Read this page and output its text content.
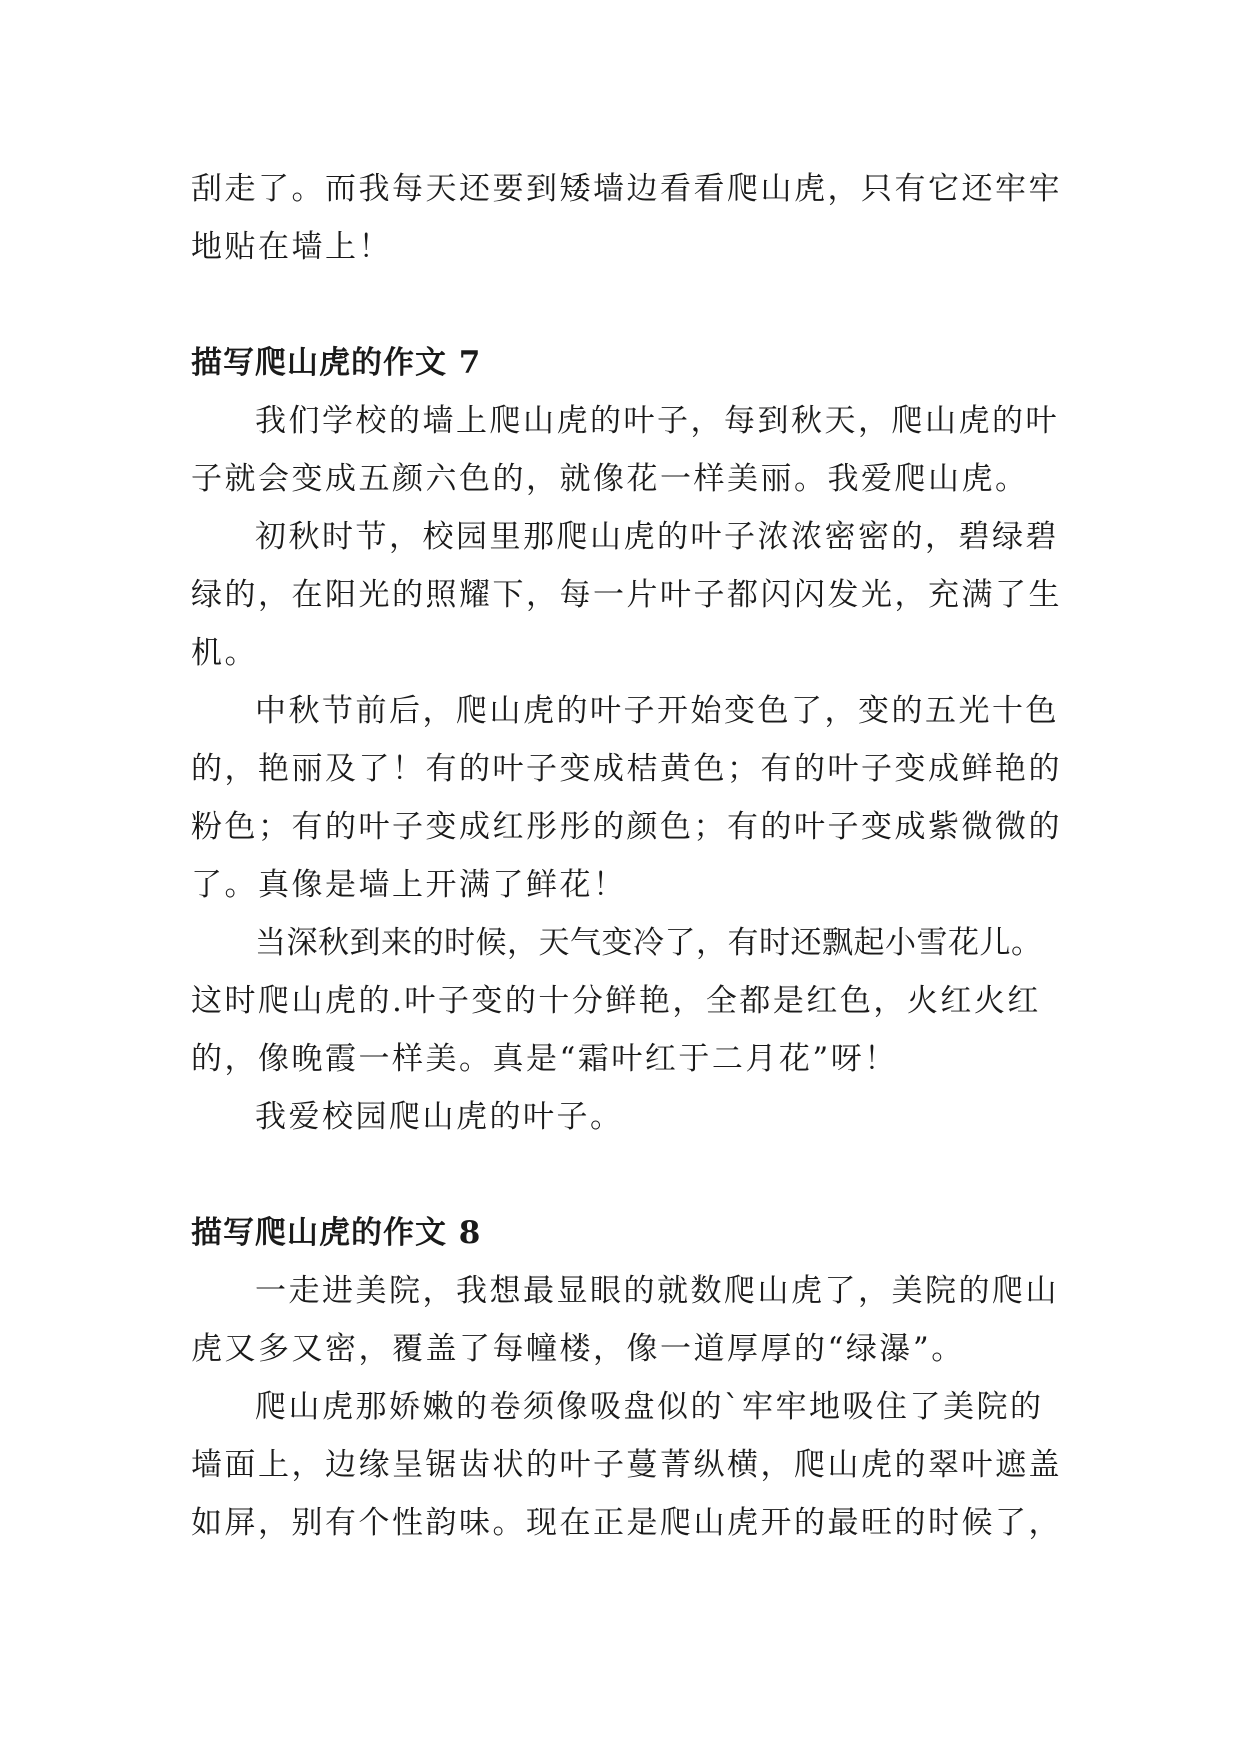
刮走了。而我每天还要到矮墙边看看爬山虎，只有它还牢牢
地贴在墙上！

描写爬山虎的作文 7

我们学校的墙上爬山虎的叶子，每到秋天，爬山虎的叶
子就会变成五颜六色的，就像花一样美丽。我爱爬山虎。

初秋时节，校园里那爬山虎的叶子浓浓密密的，碧绿碧
绿的，在阳光的照耀下，每一片叶子都闪闪发光，充满了生
机。

中秋节前后，爬山虎的叶子开始变色了，变的五光十色
的，艳丽及了！有的叶子变成桔黄色；有的叶子变成鲜艳的
粉色；有的叶子变成红彤彤的颜色；有的叶子变成紫微微的
了。真像是墙上开满了鲜花！

当深秋到来的时候，天气变冷了，有时还飘起小雪花儿。
这时爬山虎的.叶子变的十分鲜艳，全都是红色，火红火红
的，像晚霞一样美。真是“霜叶红于二月花”呀！

我爱校园爬山虎的叶子。

描写爬山虎的作文 8

一走进美院，我想最显眼的就数爬山虎了，美院的爬山
虎又多又密，覆盖了每幢楼，像一道厚厚的“绿瀑”。

爬山虎那娇嫩的卷须像吸盘似的`牢牢地吸住了美院的
墙面上，边缘呈锯齿状的叶子蔓菁纵横，爬山虎的翠叶遮盖
如屏，别有个性韵味。现在正是爬山虎开的最旺的时候了，
